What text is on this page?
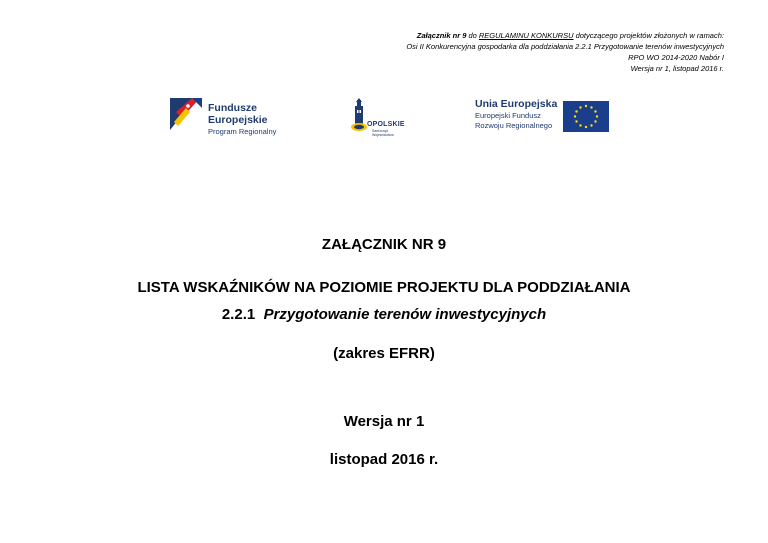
Załącznik nr 9 do REGULAMINU KONKURSU dotyczącego projektów złożonych w ramach:
Osi II Konkurencyjna gospodarka dla poddziałania 2.2.1 Przygotowanie terenów inwestycyjnych
RPO WO 2014-2020 Nabór I
Wersja nr 1, listopad 2016 r.
Fundusze
Europejskie
Program Regionalny
OPOLSKIE
Samorząd Województwa
Unia Europejska
Europejski Fundusz
Rozwoju Regionalnego
ZAŁĄCZNIK NR 9
LISTA WSKAŹNIKÓW NA POZIOMIE PROJEKTU DLA PODDZIAŁANIA
2.2.1 Przygotowanie terenów inwestycyjnych
(zakres EFRR)
Wersja nr 1
listopad 2016 r.
